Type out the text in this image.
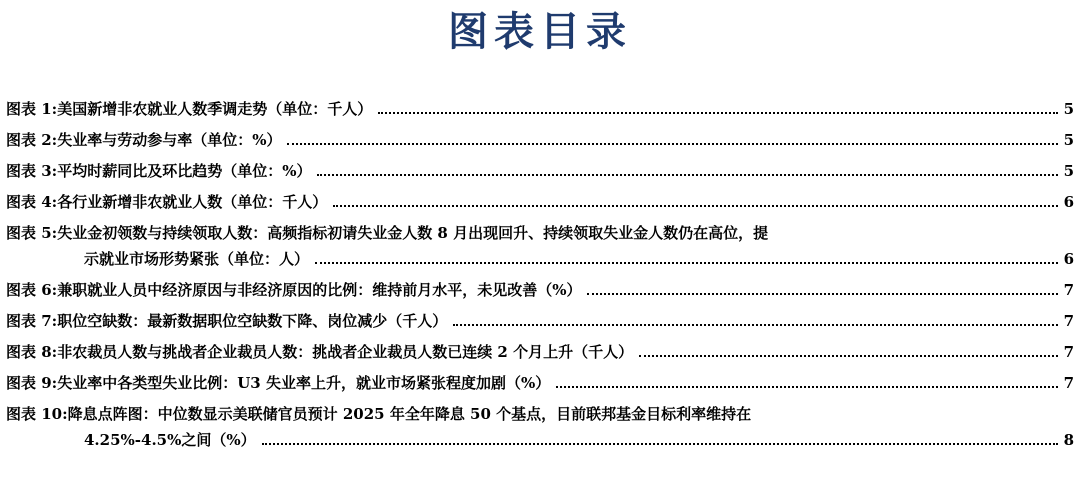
图表目录
图表 1: 美国新增非农就业人数季调走势（单位：千人）	5
图表 2: 失业率与劳动参与率（单位：%）	5
图表 3: 平均时薪同比及环比趋势（单位：%）	5
图表 4: 各行业新增非农就业人数（单位：千人）	6
图表 5: 失业金初领数与持续领取人数：高频指标初请失业金人数 8 月出现回升、持续领取失业金人数仍在高位，提
示就业市场形势紧张（单位：人）	6
图表 6: 兼职就业人员中经济原因与非经济原因的比例：维持前月水平，未见改善（%）	7
图表 7: 职位空缺数：最新数据职位空缺数下降、岗位减少（千人）	7
图表 8: 非农裁员人数与挑战者企业裁员人数：挑战者企业裁员人数已连续 2 个月上升（千人）	7
图表 9: 失业率中各类型失业比例：U3 失业率上升，就业市场紧张程度加剧（%）	7
图表 10: 降息点阵图：中位数显示美联储官员预计 2025 年全年降息 50 个基点，目前联邦基金目标利率维持在
4.25%-4.5%之间（%）	8
